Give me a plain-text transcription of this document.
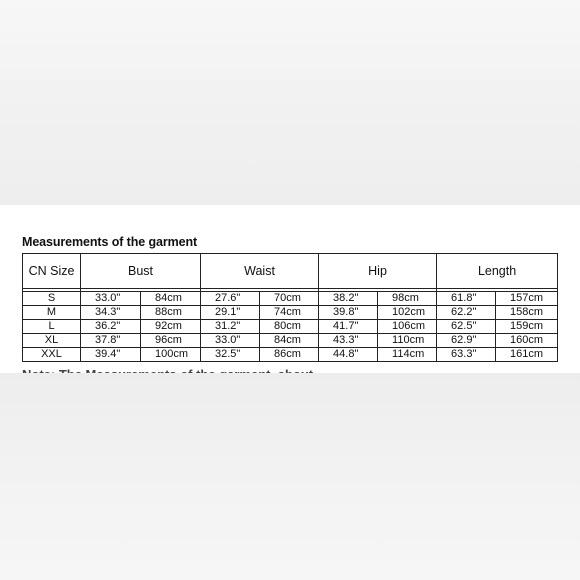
Measurements of the garment
CN Size	Bust		Waist		Hip		Length	

S	33.0"	84cm	27.6"	70cm	38.2"	98cm	61.8"	157cm
M	34.3"	88cm	29.1"	74cm	39.8"	102cm	62.2"	158cm
L	36.2"	92cm	31.2"	80cm	41.7"	106cm	62.5"	159cm
XL	37.8"	96cm	33.0"	84cm	43.3"	110cm	62.9"	160cm
XXL	39.4"	100cm	32.5"	86cm	44.8"	114cm	63.3"	161cm
